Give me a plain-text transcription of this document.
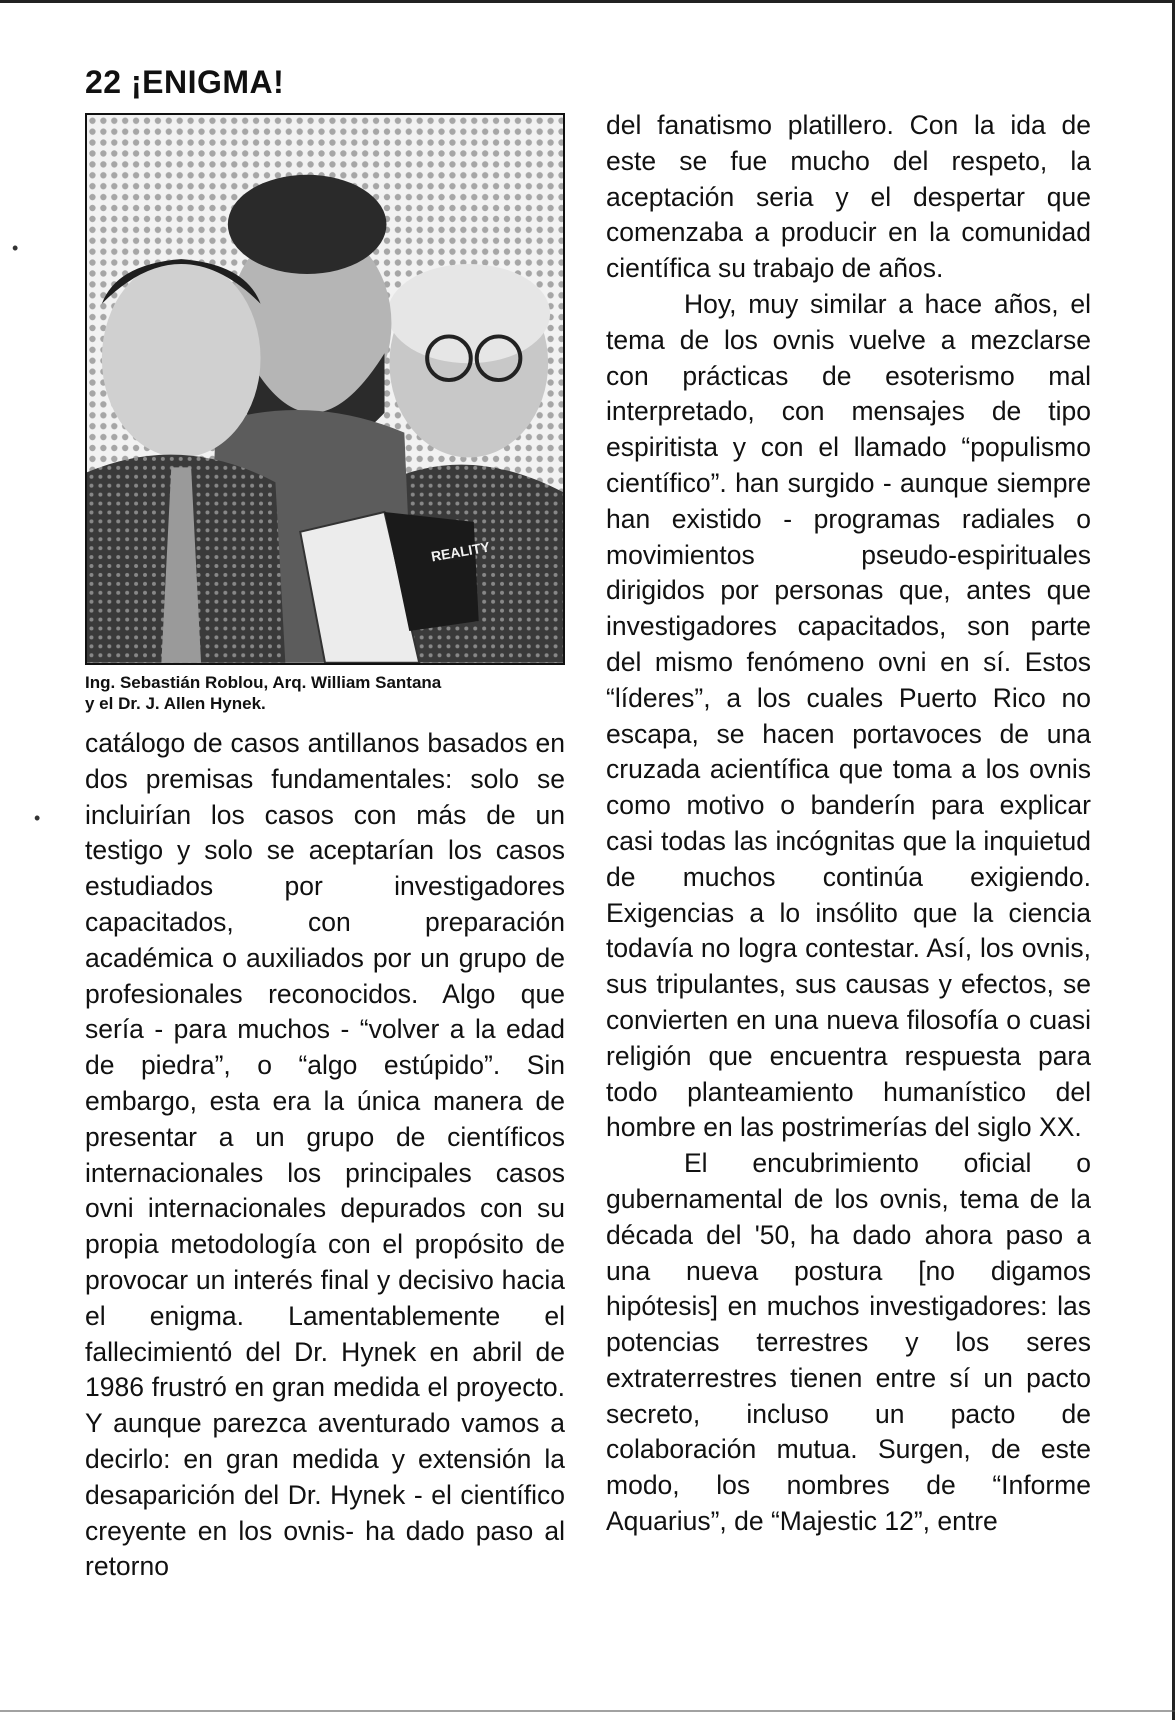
•
•
22 ¡ENIGMA!
REALITY
Ing. Sebastián Roblou, Arq. William Santana
y el Dr. J. Allen Hynek.

catálogo de casos antillanos basados en dos premisas fundamentales: solo se incluirían los casos con más de un testigo y solo se aceptarían los casos estudiados por investigadores capacitados, con preparación académica o auxiliados por un grupo de profesionales reconocidos. Algo que sería - para muchos - “volver a la edad de piedra”, o “algo estúpido”. Sin embargo, esta era la única manera de presentar a un grupo de científicos internacionales los principales casos ovni internacionales depurados con su propia metodología con el propósito de provocar un interés final y decisivo hacia el enigma. Lamentablemente el fallecimientó del Dr. Hynek en abril de 1986 frustró en gran medida el proyecto. Y aunque parezca aventurado vamos a decirlo: en gran medida y extensión la desaparición del Dr. Hynek - el científico creyente en los ovnis- ha dado paso al retorno

del fanatismo platillero. Con la ida de este se fue mucho del respeto, la aceptación seria y el despertar que comenzaba a producir en la comunidad científica su trabajo de años.

Hoy, muy similar a hace años, el tema de los ovnis vuelve a mezclarse con prácticas de esoterismo mal interpretado, con mensajes de tipo espiritista y con el llamado “populismo científico”. han surgido - aunque siempre han existido - programas radiales o movimientos pseudo-espirituales dirigidos por personas que, antes que investigadores capacitados, son parte del mismo fenómeno ovni en sí. Estos “líderes”, a los cuales Puerto Rico no escapa, se hacen portavoces de una cruzada acientífica que toma a los ovnis como motivo o banderín para explicar casi todas las incógnitas que la inquietud de muchos continúa exigiendo. Exigencias a lo insólito que la ciencia todavía no logra contestar. Así, los ovnis, sus tripulantes, sus causas y efectos, se convierten en una nueva filosofía o cuasi religión que encuentra respuesta para todo planteamiento humanístico del hombre en las postrimerías del siglo XX.

El encubrimiento oficial o gubernamental de los ovnis, tema de la década del '50, ha dado ahora paso a una nueva postura [no digamos hipótesis] en muchos investigadores: las potencias terrestres y los seres extraterrestres tienen entre sí un pacto secreto, incluso un pacto de colaboración mutua. Surgen, de este modo, los nombres de “Informe Aquarius”, de “Majestic 12”, entre
